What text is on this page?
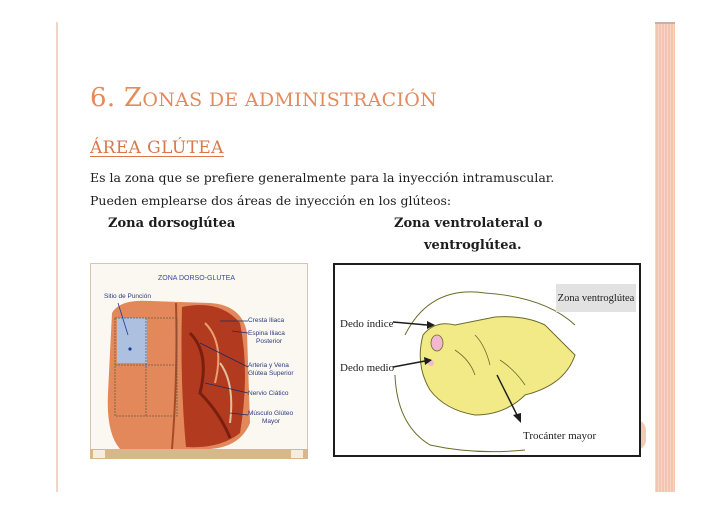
6. ZONAS DE ADMINISTRACIÓN
ÁREA GLÚTEA
Es la zona que se prefiere generalmente para la inyección intramuscular.
Pueden emplearse dos áreas de inyección en los glúteos:
Zona dorsoglútea	Zona ventrolateral o
ventroglútea.
ZONA DORSO-GLUTEA
Sitio de Punción
Cresta Iliaca
Espina Iliaca
Posterior
Arteria y Vena
Glútea Superior
Nervio Ciático
Músculo Glúteo
Mayor
Zona ventroglútea
Dedo índice
Dedo medio
Trocánter mayor
